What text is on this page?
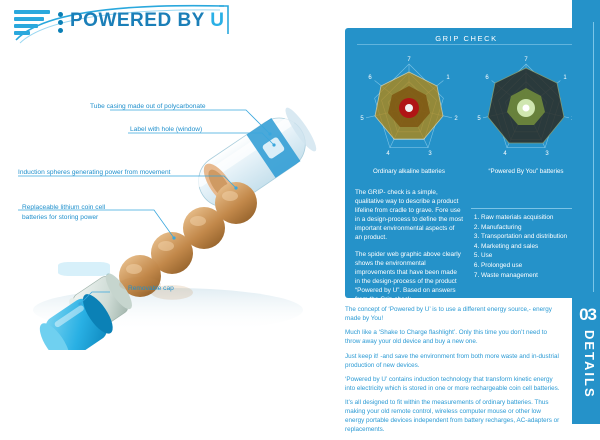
POWERED BY U
Tube casing made out of polycarbonate
Label with hole (window)
Induction spheres generating power from movement
Replaceable lithium coin cell batteries for storing power
Removable cap
GRIP CHECK
7
1
2
3
4
5
6
7
1
3
4
5
6
Ordinary alkaline batteries	“Powered By You” batteries

The GRIP- check is a simple, qualitative way to describe a product lifeline from cradle to grave. Fore use in a design-process to define the most important environmental aspects of an product.

The spider web graphic above clearly shows the environmental improvements that have been made in the design-process of the product “Powered by U”. Based on answers from the Grip-check.

1. Raw materials acquisition
2. Manufacturing
3. Transportation and distribution
4. Marketing and sales
5. Use
6. Prolonged use
7. Waste management

The concept of ‘Powered by U’ is to use a different energy source,- energy made by You!

Much like a ‘Shake to Charge flashlight’. Only this time you don’t need to throw away your old device and buy a new one.

Just keep it! -and save the environment from both more waste and in-dustrial production of new devices.

‘Powered by U’ contains induction technology that transform kinetic energy into electricity which is stored in one or more rechargeable coin cell batteries.

It’s all designed to fit within the measurements of ordinary batteries. Thus making your old remote control, wireless computer mouse or other low energy portable devices independent from battery recharges, AC-adapters or replacements.

03
DETAILS
